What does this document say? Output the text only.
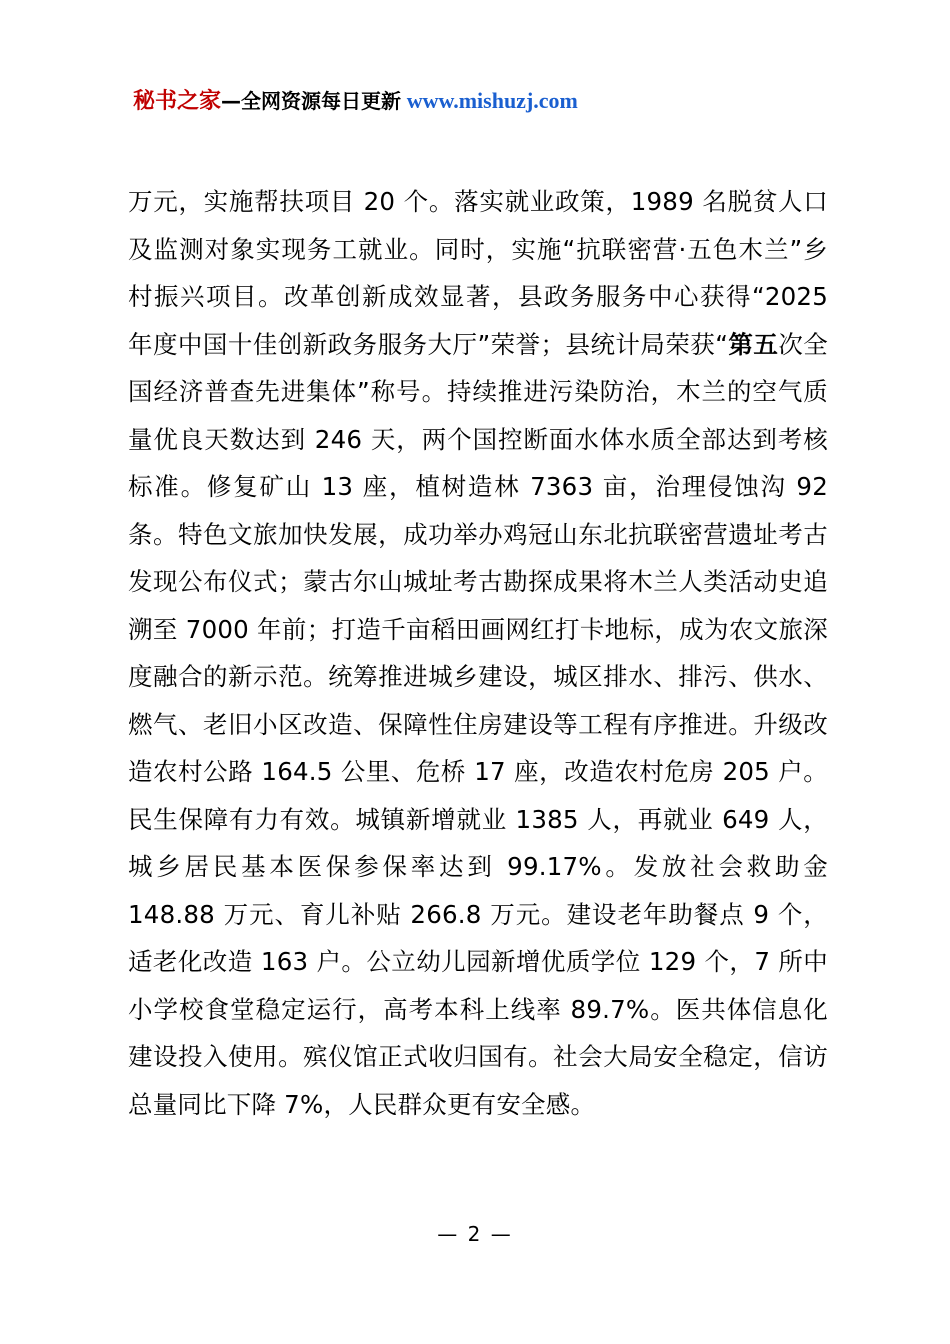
秘书之家—全网资源每日更新 www.mishuzj.com
万元，实施帮扶项目 20 个。落实就业政策，1989 名脱贫人口及监测对象实现务工就业。同时，实施“抗联密营·五色木兰”乡村振兴项目。改革创新成效显著，县政务服务中心获得“2025 年度中国十佳创新政务服务大厅”荣誉；县统计局荣获“第五次全国经济普查先进集体”称号。持续推进污染防治，木兰的空气质量优良天数达到 246 天，两个国控断面水体水质全部达到考核标准。修复矿山 13 座，植树造林 7363 亩，治理侵蚀沟 92 条。特色文旅加快发展，成功举办鸡冠山东北抗联密营遗址考古发现公布仪式；蒙古尔山城址考古勘探成果将木兰人类活动史追溯至 7000 年前；打造千亩稻田画网红打卡地标，成为农文旅深度融合的新示范。统筹推进城乡建设，城区排水、排污、供水、燃气、老旧小区改造、保障性住房建设等工程有序推进。升级改造农村公路 164.5 公里、危桥 17 座，改造农村危房 205 户。民生保障有力有效。城镇新增就业 1385 人，再就业 649 人，城乡居民基本医保参保率达到 99.17%。发放社会救助金 148.88 万元、育儿补贴 266.8 万元。建设老年助餐点 9 个，适老化改造 163 户。公立幼儿园新增优质学位 129 个，7 所中小学校食堂稳定运行，高考本科上线率 89.7%。医共体信息化建设投入使用。殡仪馆正式收归国有。社会大局安全稳定，信访总量同比下降 7%，人民群众更有安全感。
— 2 —
